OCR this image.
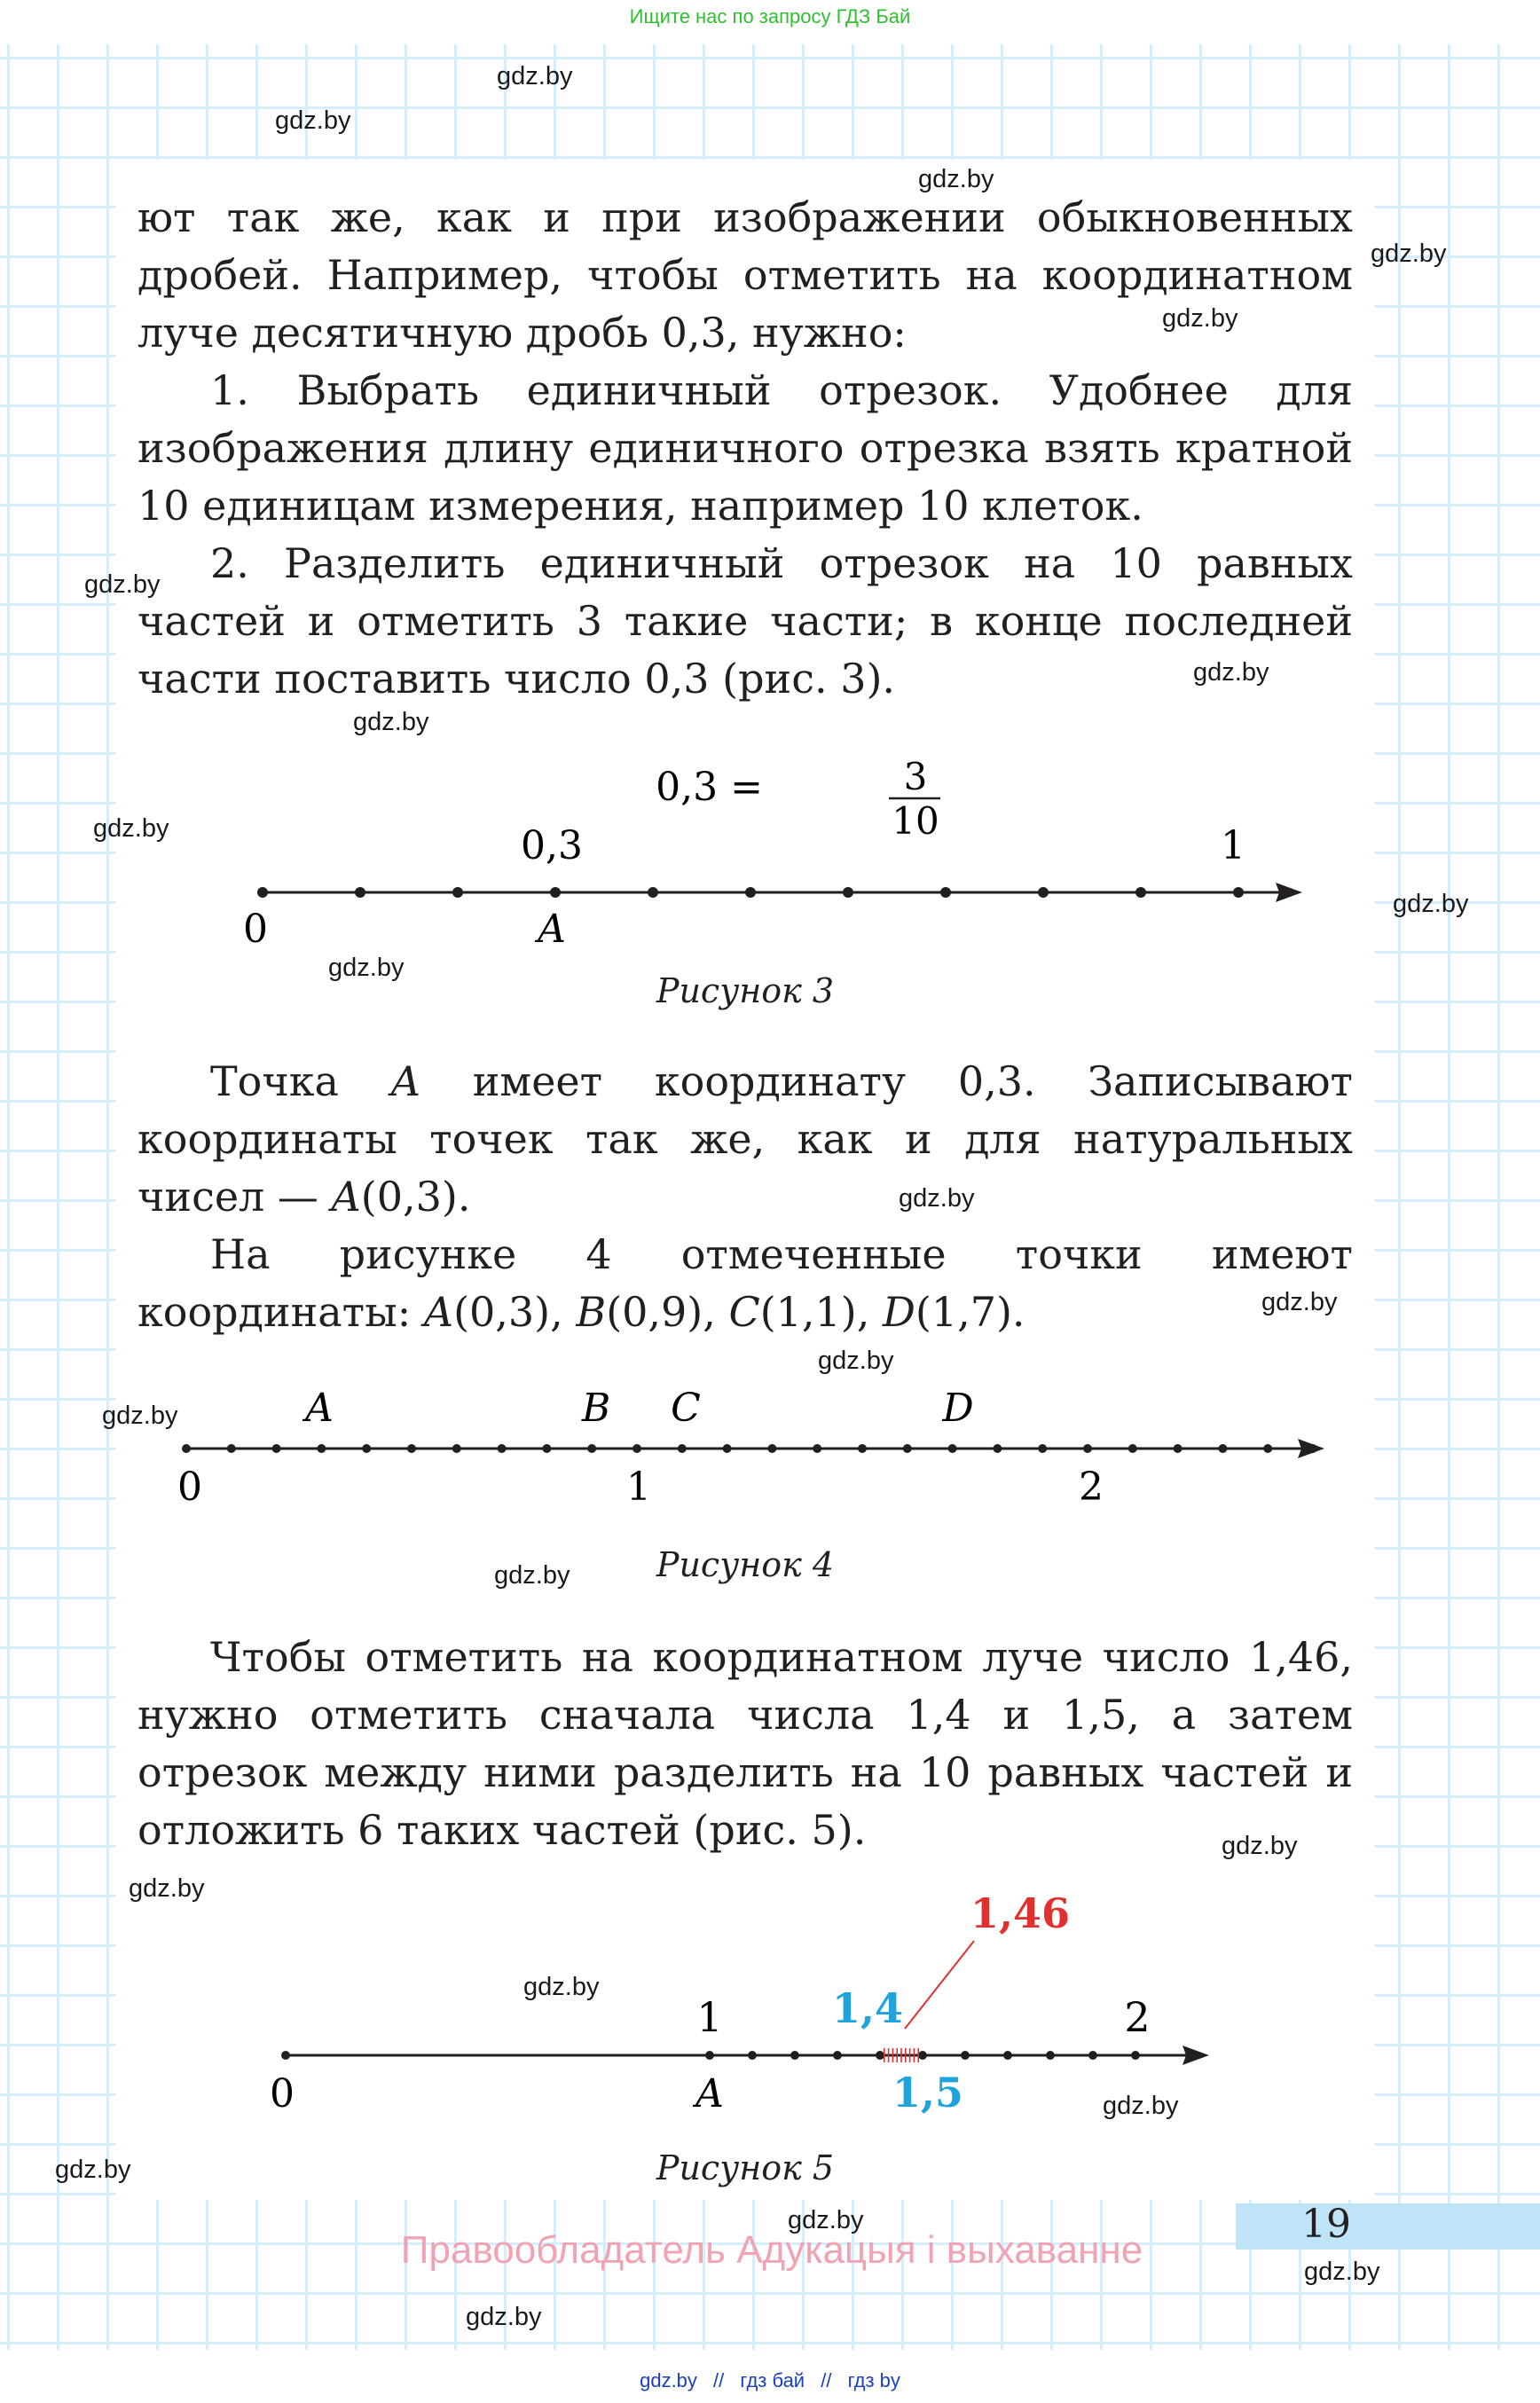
Ищите нас по запросу ГДЗ Бай

ют так же, как и при изображении обыкновенных дробей. Например, чтобы отметить на координатном луче десятичную дробь 0,3, нужно:

1. Выбрать единичный отрезок. Удобнее для изображения длину единичного отрезка взять кратной 10 единицам измерения, например 10 клеток.

2. Разделить единичный отрезок на 10 равных частей и отметить 3 такие части; в конце последней части поставить число 0,3 (рис. 3).

0,3 =	3
10
0,3	1
0	A
Рисунок 3

Точка A имеет координату 0,3. Записывают координаты точек так же, как и для натуральных чисел — A(0,3).

На рисунке 4 отмеченные точки имеют координаты: A(0,3), B(0,9), C(1,1), D(1,7).

A	B C	D
0	1	2
Рисунок 4

Чтобы отметить на координатном луче число 1,46, нужно отметить сначала числа 1,4 и 1,5, а затем отрезок между ними разделить на 10 равных частей и отложить 6 таких частей (рис. 5).

1,46
1	1,4	2
0	A	1,5
Рисунок 5
19
Правообладатель Адукацыя і выхаванне
gdz.by
gdz.by
gdz.by
gdz.by
gdz.by
gdz.by
gdz.by
gdz.by
gdz.by
gdz.by
gdz.by
gdz.by
gdz.by
gdz.by
gdz.by
gdz.by
gdz.by
gdz.by
gdz.by
gdz.by
gdz.by
gdz.by
gdz.by
gdz.by
gdz.by // гдз бай // гдз by
